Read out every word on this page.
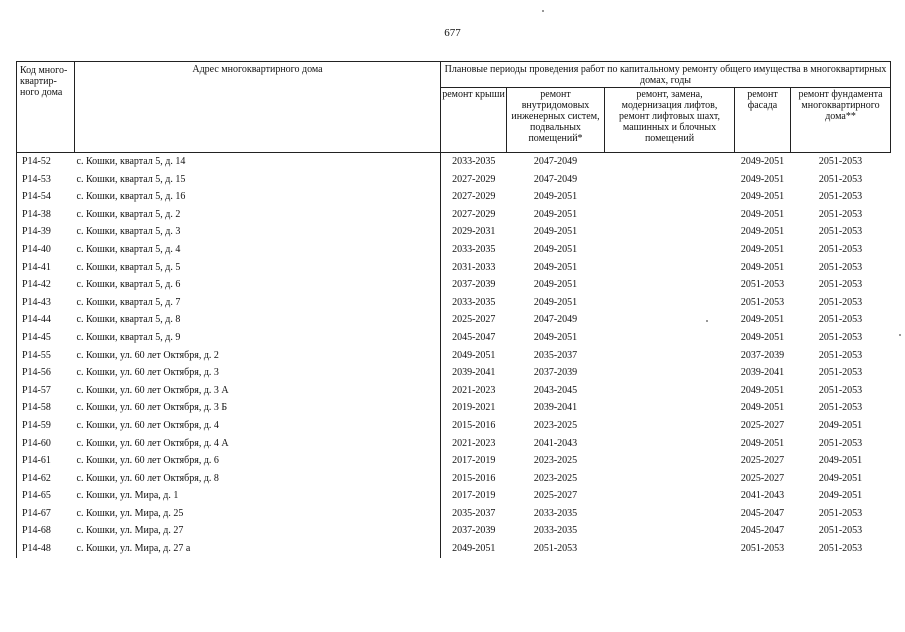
677
Код много-квартир-ного дома	Адрес многоквартирного дома	Плановые периоды проведения работ по капитальному ремонту общего имущества в многоквартирных домах, годы				
		ремонт крыши	ремонт внутридомовых инженерных систем, подвальных помещений*	ремонт, замена, модернизация лифтов, ремонт лифтовых шахт, машинных и блочных помещений	ремонт фасада	ремонт фундамента многоквартирного дома**
Р14-52	с. Кошки, квартал 5, д. 14	2033-2035	2047-2049		2049-2051	2051-2053
Р14-53	с. Кошки, квартал 5, д. 15	2027-2029	2047-2049		2049-2051	2051-2053
Р14-54	с. Кошки, квартал 5, д. 16	2027-2029	2049-2051		2049-2051	2051-2053
Р14-38	с. Кошки, квартал 5, д. 2	2027-2029	2049-2051		2049-2051	2051-2053
Р14-39	с. Кошки, квартал 5, д. 3	2029-2031	2049-2051		2049-2051	2051-2053
Р14-40	с. Кошки, квартал 5, д. 4	2033-2035	2049-2051		2049-2051	2051-2053
Р14-41	с. Кошки, квартал 5, д. 5	2031-2033	2049-2051		2049-2051	2051-2053
Р14-42	с. Кошки, квартал 5, д. 6	2037-2039	2049-2051		2051-2053	2051-2053
Р14-43	с. Кошки, квартал 5, д. 7	2033-2035	2049-2051		2051-2053	2051-2053
Р14-44	с. Кошки, квартал 5, д. 8	2025-2027	2047-2049		2049-2051	2051-2053
Р14-45	с. Кошки, квартал 5, д. 9	2045-2047	2049-2051		2049-2051	2051-2053
Р14-55	с. Кошки, ул. 60 лет Октября, д. 2	2049-2051	2035-2037		2037-2039	2051-2053
Р14-56	с. Кошки, ул. 60 лет Октября, д. 3	2039-2041	2037-2039		2039-2041	2051-2053
Р14-57	с. Кошки, ул. 60 лет Октября, д. 3 А	2021-2023	2043-2045		2049-2051	2051-2053
Р14-58	с. Кошки, ул. 60 лет Октября, д. 3 Б	2019-2021	2039-2041		2049-2051	2051-2053
Р14-59	с. Кошки, ул. 60 лет Октября, д. 4	2015-2016	2023-2025		2025-2027	2049-2051
Р14-60	с. Кошки, ул. 60 лет Октября, д. 4 А	2021-2023	2041-2043		2049-2051	2051-2053
Р14-61	с. Кошки, ул. 60 лет Октября, д. 6	2017-2019	2023-2025		2025-2027	2049-2051
Р14-62	с. Кошки, ул. 60 лет Октября, д. 8	2015-2016	2023-2025		2025-2027	2049-2051
Р14-65	с. Кошки, ул. Мира, д. 1	2017-2019	2025-2027		2041-2043	2049-2051
Р14-67	с. Кошки, ул. Мира, д. 25	2035-2037	2033-2035		2045-2047	2051-2053
Р14-68	с. Кошки, ул. Мира, д. 27	2037-2039	2033-2035		2045-2047	2051-2053
Р14-48	с. Кошки, ул. Мира, д. 27 а	2049-2051	2051-2053		2051-2053	2051-2053
